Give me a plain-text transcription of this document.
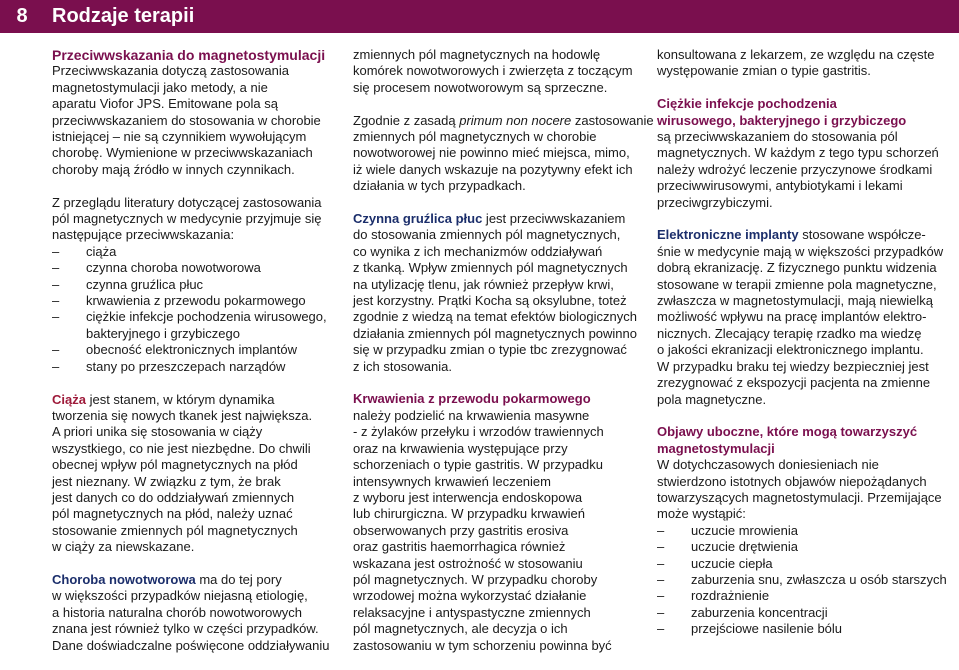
8	Rodzaje terapii
Przeciwwskazania do magnetostymulacji
Przeciwwskazania dotyczą zastosowania
magnetostymulacji jako metody, a nie
aparatu Viofor JPS. Emitowane pola są
przeciwwskazaniem do stosowania w chorobie
istniejącej – nie są czynnikiem wywołującym
chorobę. Wymienione w przeciwwskazaniach
choroby mają źródło w innych czynnikach.
Z przeglądu literatury dotyczącej zastosowania
pól magnetycznych w medycynie przyjmuje się
następujące przeciwwskazania:
– ciąża
– czynna choroba nowotworowa
– czynna gruźlica płuc
– krwawienia z przewodu pokarmowego
– ciężkie infekcje pochodzenia wirusowego,
bakteryjnego i grzybiczego
– obecność elektronicznych implantów
– stany po przeszczepach narządów
Ciąża jest stanem, w którym dynamika
tworzenia się nowych tkanek jest największa.
A priori unika się stosowania w ciąży
wszystkiego, co nie jest niezbędne. Do chwili
obecnej wpływ pól magnetycznych na płód
jest nieznany. W związku z tym, że brak
jest danych co do oddziaływań zmiennych
pól magnetycznych na płód, należy uznać
stosowanie zmiennych pól magnetycznych
w ciąży za niewskazane.
Choroba nowotworowa ma do tej pory
w większości przypadków niejasną etiologię,
a historia naturalna chorób nowotworowych
znana jest również tylko w części przypadków.
Dane doświadczalne poświęcone oddziaływaniu
zmiennych pól magnetycznych na hodowlę
komórek nowotworowych i zwierzęta z toczącym
się procesem nowotworowym są sprzeczne.
Zgodnie z zasadą primum non nocere zastosowanie
zmiennych pól magnetycznych w chorobie
nowotworowej nie powinno mieć miejsca, mimo,
iż wiele danych wskazuje na pozytywny efekt ich
działania w tych przypadkach.
Czynna gruźlica płuc jest przeciwwskazaniem
do stosowania zmiennych pól magnetycznych,
co wynika z ich mechanizmów oddziaływań
z tkanką. Wpływ zmiennych pól magnetycznych
na utylizację tlenu, jak również przepływ krwi,
jest korzystny. Prątki Kocha są oksylubne, toteż
zgodnie z wiedzą na temat efektów biologicznych
działania zmiennych pól magnetycznych powinno
się w przypadku zmian o typie tbc zrezygnować
z ich stosowania.
Krwawienia z przewodu pokarmowego
należy podzielić na krwawienia masywne
- z żylaków przełyku i wrzodów trawiennych
oraz na krwawienia występujące przy
schorzeniach o typie gastritis. W przypadku
intensywnych krwawień leczeniem
z wyboru jest interwencja endoskopowa
lub chirurgiczna. W przypadku krwawień
obserwowanych przy gastritis erosiva
oraz gastritis haemorrhagica również
wskazana jest ostrożność w stosowaniu
pól magnetycznych. W przypadku choroby
wrzodowej można wykorzystać działanie
relaksacyjne i antyspastyczne zmiennych
pól magnetycznych, ale decyzja o ich
zastosowaniu w tym schorzeniu powinna być
konsultowana z lekarzem, ze względu na częste
występowanie zmian o typie gastritis.
Ciężkie infekcje pochodzenia
wirusowego, bakteryjnego i grzybiczego
są przeciwwskazaniem do stosowania pól
magnetycznych. W każdym z tego typu schorzeń
należy wdrożyć leczenie przyczynowe środkami
przeciwwirusowymi, antybiotykami i lekami
przeciwgrzybiczymi.
Elektroniczne implanty stosowane współcze-
śnie w medycynie mają w większości przypadków
dobrą ekranizację. Z fizycznego punktu widzenia
stosowane w terapii zmienne pola magnetyczne,
zwłaszcza w magnetostymulacji, mają niewielką
możliwość wpływu na pracę implantów elektro-
nicznych. Zlecający terapię rzadko ma wiedzę
o jakości ekranizacji elektronicznego implantu.
W przypadku braku tej wiedzy bezpieczniej jest
zrezygnować z ekspozycji pacjenta na zmienne
pola magnetyczne.
Objawy uboczne, które mogą towarzyszyć
magnetostymulacji
W dotychczasowych doniesieniach nie
stwierdzono istotnych objawów niepożądanych
towarzyszących magnetostymulacji. Przemijające
może wystąpić:
– uczucie mrowienia
– uczucie drętwienia
– uczucie ciepła
– zaburzenia snu, zwłaszcza u osób starszych
– rozdrażnienie
– zaburzenia koncentracji
– przejściowe nasilenie bólu
